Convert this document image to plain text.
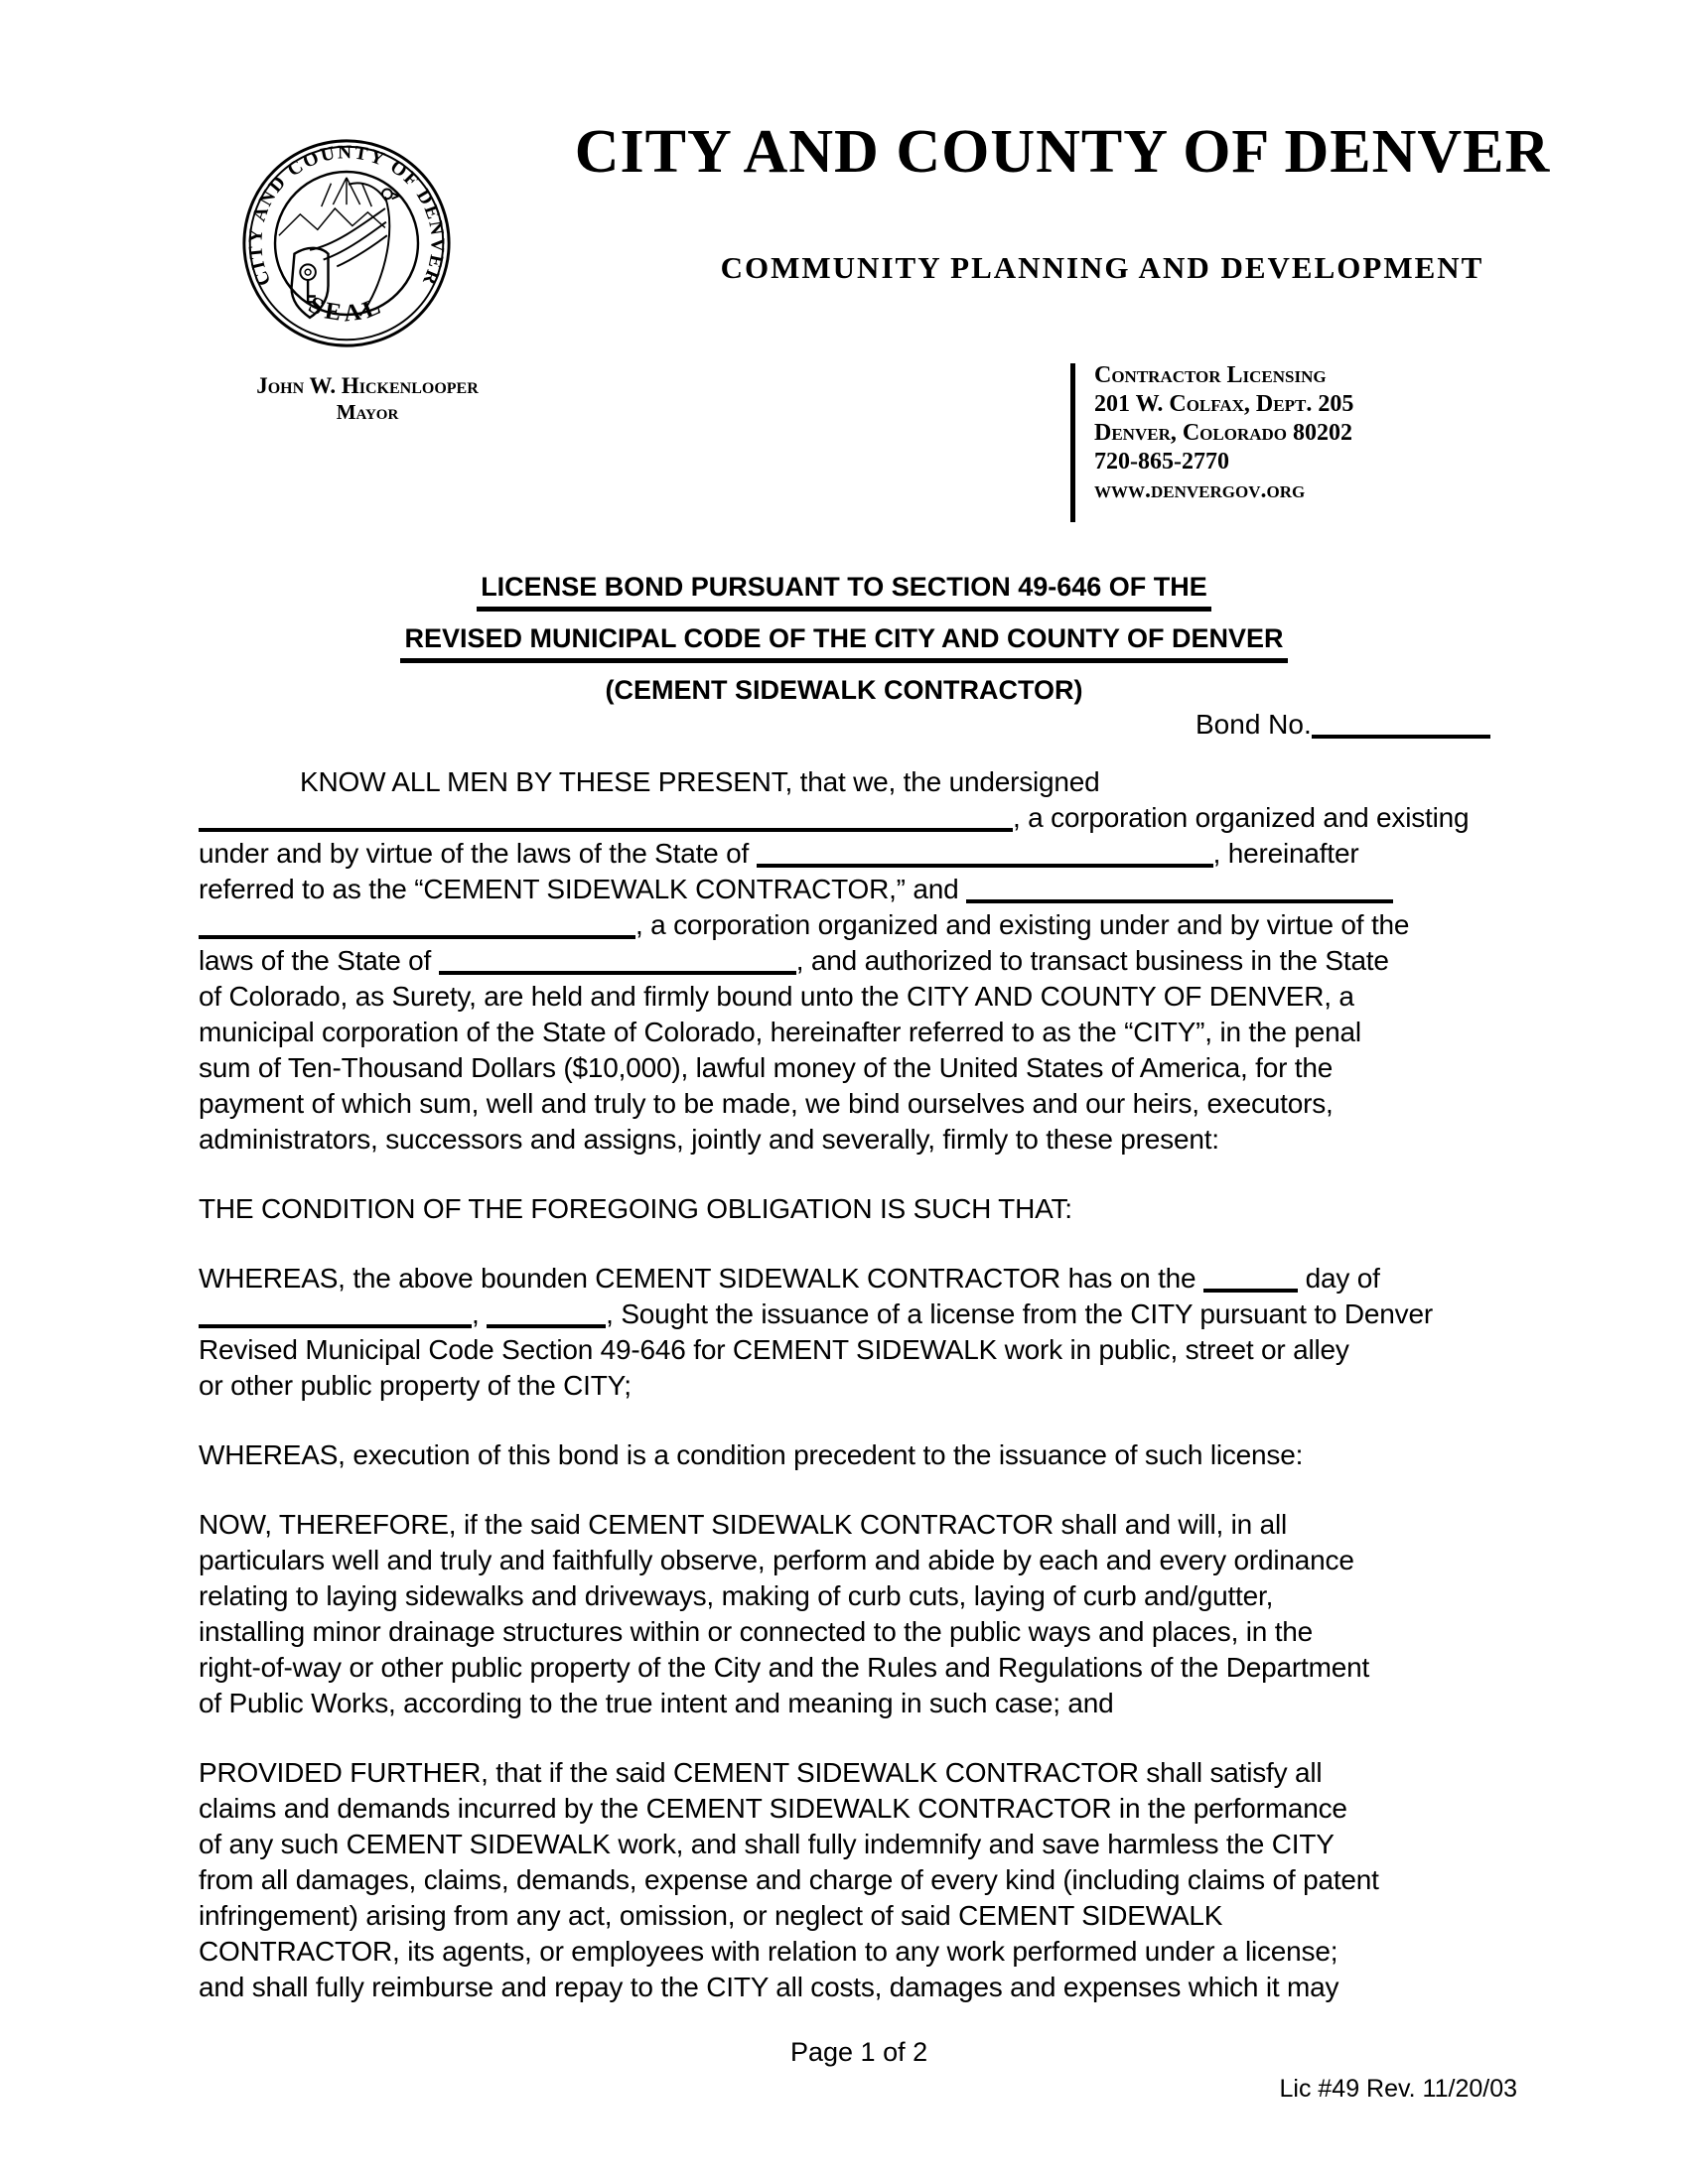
CITY AND COUNTY OF DENVER
SEAL
CITY AND COUNTY OF DENVER
COMMUNITY PLANNING AND DEVELOPMENT
John W. Hickenlooper
Mayor
Contractor Licensing
201 W. Colfax, Dept. 205
Denver, Colorado 80202
720-865-2770
www.denvergov.org
LICENSE BOND PURSUANT TO SECTION 49-646 OF THE
REVISED MUNICIPAL CODE OF THE CITY AND COUNTY OF DENVER
(CEMENT SIDEWALK CONTRACTOR)
Bond No.
KNOW ALL MEN BY THESE PRESENT, that we, the undersigned
, a corporation organized and existing
under and by virtue of the laws of the State of	, hereinafter
referred to as the “CEMENT SIDEWALK CONTRACTOR,” and
, a corporation organized and existing under and by virtue of the
laws of the State of	, and authorized to transact business in the State
of Colorado, as Surety, are held and firmly bound unto the CITY AND COUNTY OF DENVER, a
municipal corporation of the State of Colorado, hereinafter referred to as the “CITY”, in the penal
sum of Ten-Thousand Dollars ($10,000), lawful money of the United States of America, for the
payment of which sum, well and truly to be made, we bind ourselves and our heirs, executors,
administrators, successors and assigns, jointly and severally, firmly to these present:
THE CONDITION OF THE FOREGOING OBLIGATION IS SUCH THAT:
WHEREAS, the above bounden CEMENT SIDEWALK CONTRACTOR has on the	day of
,	, Sought the issuance of a license from the CITY pursuant to Denver
Revised Municipal Code Section 49-646 for CEMENT SIDEWALK work in public, street or alley
or other public property of the CITY;
WHEREAS, execution of this bond is a condition precedent to the issuance of such license:
NOW, THEREFORE, if the said CEMENT SIDEWALK CONTRACTOR shall and will, in all
particulars well and truly and faithfully observe, perform and abide by each and every ordinance
relating to laying sidewalks and driveways, making of curb cuts, laying of curb and/gutter,
installing minor drainage structures within or connected to the public ways and places, in the
right-of-way or other public property of the City and the Rules and Regulations of the Department
of Public Works, according to the true intent and meaning in such case; and
PROVIDED FURTHER, that if the said CEMENT SIDEWALK CONTRACTOR shall satisfy all
claims and demands incurred by the CEMENT SIDEWALK CONTRACTOR in the performance
of any such CEMENT SIDEWALK work, and shall fully indemnify and save harmless the CITY
from all damages, claims, demands, expense and charge of every kind (including claims of patent
infringement) arising from any act, omission, or neglect of said CEMENT SIDEWALK
CONTRACTOR, its agents, or employees with relation to any work performed under a license;
and shall fully reimburse and repay to the CITY all costs, damages and expenses which it may
Page 1 of 2
Lic #49 Rev. 11/20/03
